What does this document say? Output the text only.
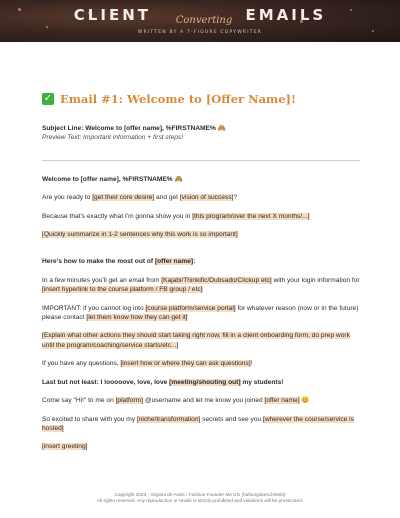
CLIENT	EMAILS
Converting
WRITTEN BY A 7-FIGURE COPYWRITER
✓ Email #1: Welcome to [Offer Name]!
Subject Line: Welcome to [offer name], %FIRSTNAME% 🙈
Preview Text: Important information + first steps!
Welcome to [offer name], %FIRSTNAME% 🙈
Are you ready to [get their core desire] and get [vision of success]?
Because that's exactly what I'm gonna show you in [this program/over the next X months/...]
[Quickly summarize in 1-2 sentences why this work is so important]
Here's how to make the most out of [offer name]:
In a few minutes you'll get an email from [Kajabi/Thinkific/Dubsado/Clickup etc] with your login information for [insert hyperlink to the course platform / FB group / etc]
IMPORTANT: if you cannot log into [course platform/service portal] for whatever reason (now or in the future) please contact [let them know how they can get it]
[Explain what other actions they should start taking right now, fill in a client onboarding form, do prep work until the program/coaching/service starts/etc...]
If you have any questions, [insert how or where they can ask questions]!
Last but not least: I looooove, love, love [meeting/shouting out] my students!
Come say "Hi!" to me on [platform] @username and let me know you joined [offer name] 😊
So excited to share with you my [niche/transformation] secrets and see you [wherever the course/service is hosted]
[insert greeting]
Copyright 2023 - Virginia de Assis / Fashion Founder Me UG (haftungsbeschränkt)
All rights reserved. Any reproduction or resale is strictly prohibited and violations will be prosecuted.
